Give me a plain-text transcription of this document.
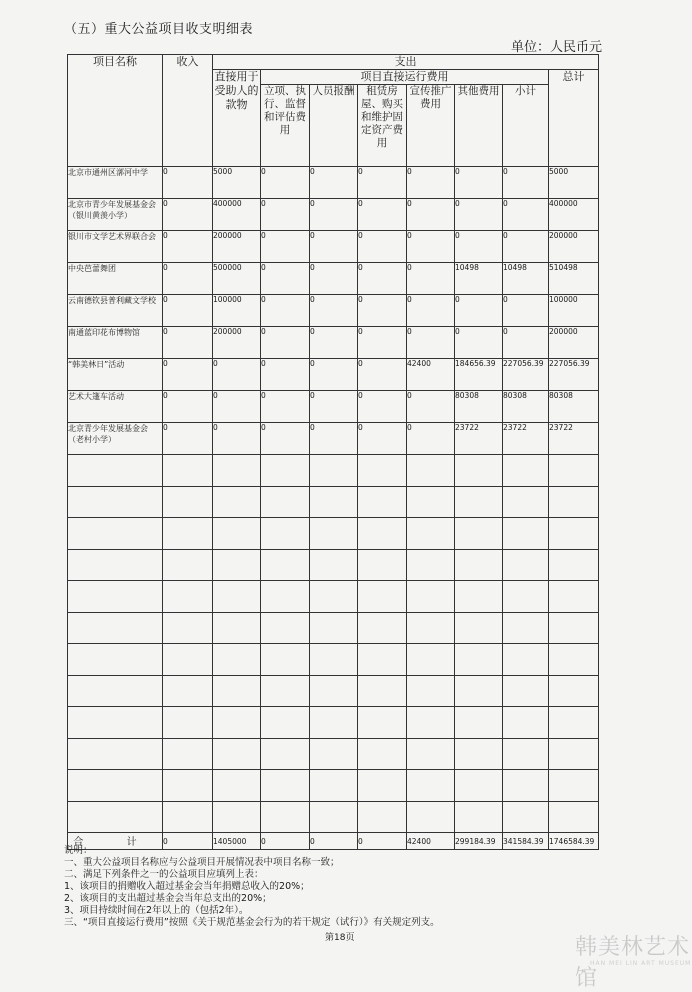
（五）重大公益项目收支明细表
单位：人民币元
项目名称	收入	支出							
		直接用于受助人的款物	项目直接运行费用						总计
			立项、执行、监督和评估费用	人员报酬	租赁房屋、购买和维护固定资产费用	宣传推广费用	其他费用	小计	
北京市通州区漷河中学	0	5000	0	0	0	0	0	0	5000
北京市青少年发展基金会（银川黄羡小学）	0	400000	0	0	0	0	0	0	400000
银川市文学艺术界联合会	0	200000	0	0	0	0	0	0	200000
中央芭蕾舞团	0	500000	0	0	0	0	10498	10498	510498
云南德钦县普利藏文学校	0	100000	0	0	0	0	0	0	100000
南通蓝印花布博物馆	0	200000	0	0	0	0	0	0	200000
“韩美林日”活动	0	0	0	0	0	42400	184656.39	227056.39	227056.39
艺术大篷车活动	0	0	0	0	0	0	80308	80308	80308
北京青少年发展基金会（老村小学）	0	0	0	0	0	0	23722	23722	23722

合 计	0	1405000	0	0	0	42400	299184.39	341584.39	1746584.39
说明：
一、重大公益项目名称应与公益项目开展情况表中项目名称一致；
二、满足下列条件之一的公益项目应填列上表：
1、该项目的捐赠收入超过基金会当年捐赠总收入的20%；
2、该项目的支出超过基金会当年总支出的20%；
3、项目持续时间在2年以上的（包括2年）。
三、“项目直接运行费用”按照《关于规范基金会行为的若干规定（试行）》有关规定列支。
第18页	韩美林艺术馆
HAN MEI LIN ART MUSEUM
